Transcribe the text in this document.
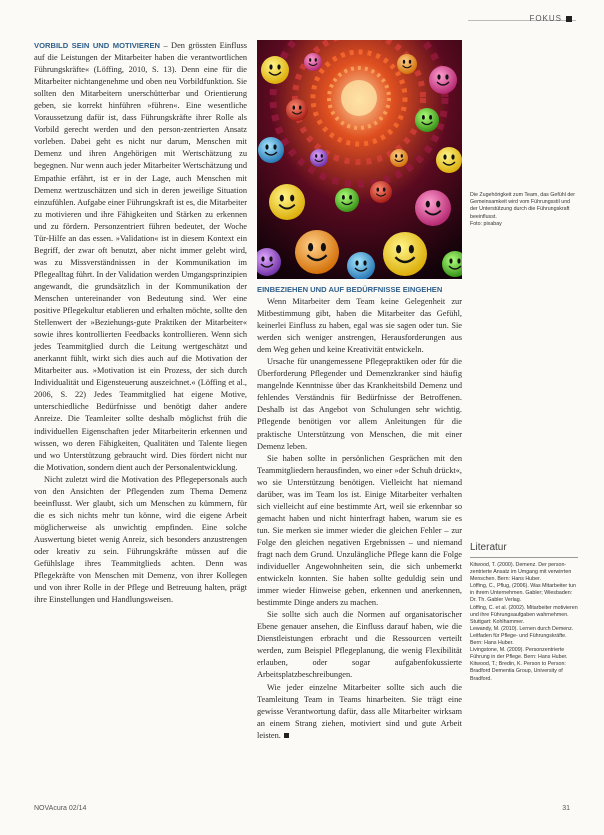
FOKUS

VORBILD SEIN UND MOTIVIEREN – Den grössten Einfluss auf die Leistungen der Mitarbeiter haben die verantwortlichen Führungskräfte« (Löffing, 2010, S. 13). Denn eine für die Mitarbeiter nichtangenehme und oben neu Vorbildfunktion. Sie sollten den Mitarbeitern unerschütterbar und Orientierung geben, sie korrekt hinführen »führen«. Eine wesentliche Voraussetzung dafür ist, dass Führungskräfte ihrer Rolle als Vorbild gerecht werden und den person-zentrierten Ansatz vorleben. Dabei geht es nicht nur darum, Menschen mit Demenz und ihren Angehörigen mit Wertschätzung zu begegnen. Nur wenn auch jeder Mitarbeiter Wertschätzung und Empathie erfährt, ist er in der Lage, auch Menschen mit Demenz wertzuschätzen und sich in deren jeweilige Situation einzufühlen. Aufgabe einer Führungskraft ist es, die Mitarbeiter zu motivieren und ihre Fähigkeiten und Stärken zu erkennen und zu fördern. Personzentriert führen bedeutet, der Woche Tür-Hilfe an das essen. »Validation« ist in diesem Kontext ein Begriff, der zwar oft benutzt, aber nicht immer gelebt wird, was zu Missverständnissen in der Kommunikation im Pflegealltag führt. In der Validation werden Umgangsprinzipien angewandt, die grundsätzlich in der Kommunikation der Menschen untereinander von Bedeutung sind. Wer eine positive Pflegekultur etablieren und erhalten möchte, sollte den Stellenwert der »Beziehungs-gute Praktiken der Mitarbeiter« sowie ihres kontrollierten Feedbacks kontrollieren. Wenn sich jedes Teammitglied durch die Leitung wertgeschätzt und anerkannt fühlt, wirkt sich dies auch auf die Motivation der Mitarbeiter aus. »Motivation ist ein Prozess, der sich durch Individualität und Eigensteuerung auszeichnet.« (Löffing et al., 2006, S. 22) Jedes Teammitglied hat eigene Motive, unterschiedliche Bedürfnisse und benötigt daher andere Anreize. Die Teamleiter sollte deshalb möglichst früh die individuellen Eigenschaften jeder Mitarbeiterin erkennen und wissen, wo deren Fähigkeiten, Qualitäten und Talente liegen und wo Unterstützung gebraucht wird. Dies fördert nicht nur die Motivation, sondern dient auch der Personalentwicklung.

Nicht zuletzt wird die Motivation des Pflegepersonals auch von den Ansichten der Pflegenden zum Thema Demenz beeinflusst. Wer glaubt, sich um Menschen zu kümmern, für die es sich nichts mehr tun könne, wird die eigene Arbeit möglicherweise als unwichtig empfinden. Eine solche Auswertung bietet wenig Anreiz, sich besonders anzustrengen oder kreativ zu sein. Führungskräfte müssen auf die Gefühlslage ihres Teammitglieds achten. Denn was Pflegekräfte von Menschen mit Demenz, von ihrer Kollegen und von ihrer Rolle in der Pflege und Betreuung halten, prägt ihre Einstellungen und Handlungsweisen.

Die Zugehörigkeit zum Team, das Gefühl der Gemeinsamkeit wird vom Führungsstil und der Unterstützung durch die Führungskraft beeinflusst.
Foto: pixabay

EINBEZIEHEN UND AUF BEDÜRFNISSE EINGEHEN

Wenn Mitarbeiter dem Team keine Gelegenheit zur Mitbestimmung gibt, haben die Mitarbeiter das Gefühl, keinerlei Einfluss zu haben, egal was sie sagen oder tun. Sie werden sich weniger anstrengen, Herausforderungen aus dem Weg gehen und keine Kreativität entwickeln.

Ursache für unangemessene Pflegepraktiken oder für die Überforderung Pflegender und Demenzkranker sind häufig mangelnde Kenntnisse über das Krankheitsbild Demenz und fehlendes Verständnis für Bedürfnisse der Betroffenen. Deshalb ist das Angebot von Schulungen sehr wichtig. Pflegende benötigen vor allem Anleitungen für die praktische Unterstützung von Menschen, die mit einer Demenz leben.

Sie haben sollte in persönlichen Gesprächen mit den Teammitgliedern herausfinden, wo einer »der Schuh drückt«, wo sie Unterstützung benötigen. Vielleicht hat niemand darüber, was im Team los ist. Einige Mitarbeiter verhalten sich vielleicht auf eine bestimmte Art, weil sie erkennbar so gemacht haben und nicht hinterfragt haben, warum sie es tun. Sie merken sie immer wieder die gleichen Fehler – zur Folge den gleichen negativen Ergebnissen – und niemand fragt nach dem Grund. Unzulängliche Pflege kann die Folge individueller Angewohnheiten sein, die sich unbemerkt entwickeln konnten. Sie haben sollte geduldig sein und immer wieder Hinweise geben, erkennen und anerkennen, bestimmte Dinge anders zu machen.

Sie sollte sich auch die Normen auf organisatorischer Ebene genauer ansehen, die Einfluss darauf haben, wie die Dienstleistungen erbracht und die Ressourcen verteilt werden, zum Beispiel Pflegeplanung, die wenig Flexibilität erlauben, oder sogar aufgabenfokussierte Arbeitsplatzbeschreibungen.

Wie jeder einzelne Mitarbeiter sollte sich auch die Teamleitung Team in Teams hinarbeiten. Sie trägt eine gewisse Verantwortung dafür, dass alle Mitarbeiter wirksam an einem Strang ziehen, motiviert sind und gute Arbeit leisten.

Literatur

Kitwood, T. (2000). Demenz. Der person-zentrierte Ansatz im Umgang mit verwirrten Menschen. Bern: Hans Huber.

Löffing, C., Pflug, (2006). Was Mitarbeiter tun in ihrem Unternehmen. Gabler; Wiesbaden: Dr. Th. Gabler Verlag.

Löffing, C. et al. (2002). Mitarbeiter motivieren und ihre Führungsaufgaben wahrnehmen. Stuttgart: Kohlhammer.

Lewandy, M. (2010). Lernen durch Demenz. Leitfaden für Pflege- und Führungskräfte. Bern: Hans Huber.

Livingstone, M. (2009). Personzentrierte Führung in der Pflege. Bern: Hans Huber. Kitwood, T.; Bredin, K. Person to Person: Bradford Dementia Group, University of Bradford.

NOVAcura 02/14	31
